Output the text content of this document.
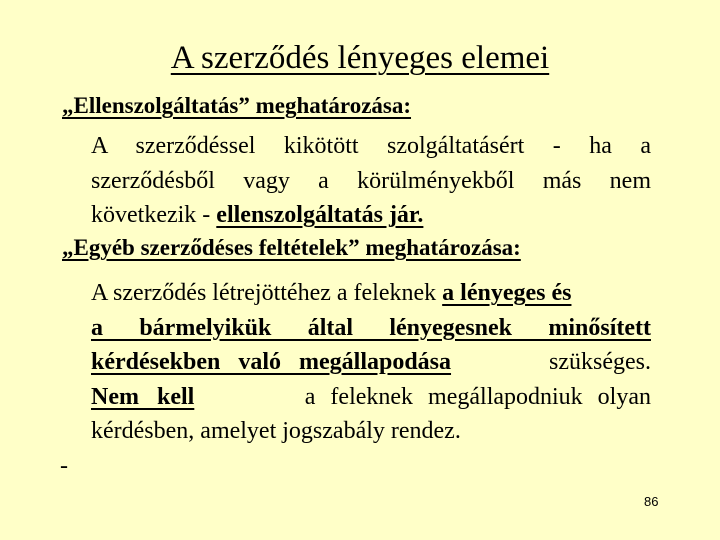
A szerződés lényeges elemei
„Ellenszolgáltatás” meghatározása:
A szerződéssel kikötött szolgáltatásért - ha a
szerződésből vagy a körülményekből más nem
következik - ellenszolgáltatás jár.
„Egyéb szerződéses feltételek” meghatározása:
A szerződés létrejöttéhez a feleknek a lényeges és
a bármelyikük által lényegesnek minősített
kérdésekben való megállapodása	szükséges.
Nem kell	a feleknek megállapodniuk olyan
kérdésben, amelyet jogszabály rendez.
-
86
